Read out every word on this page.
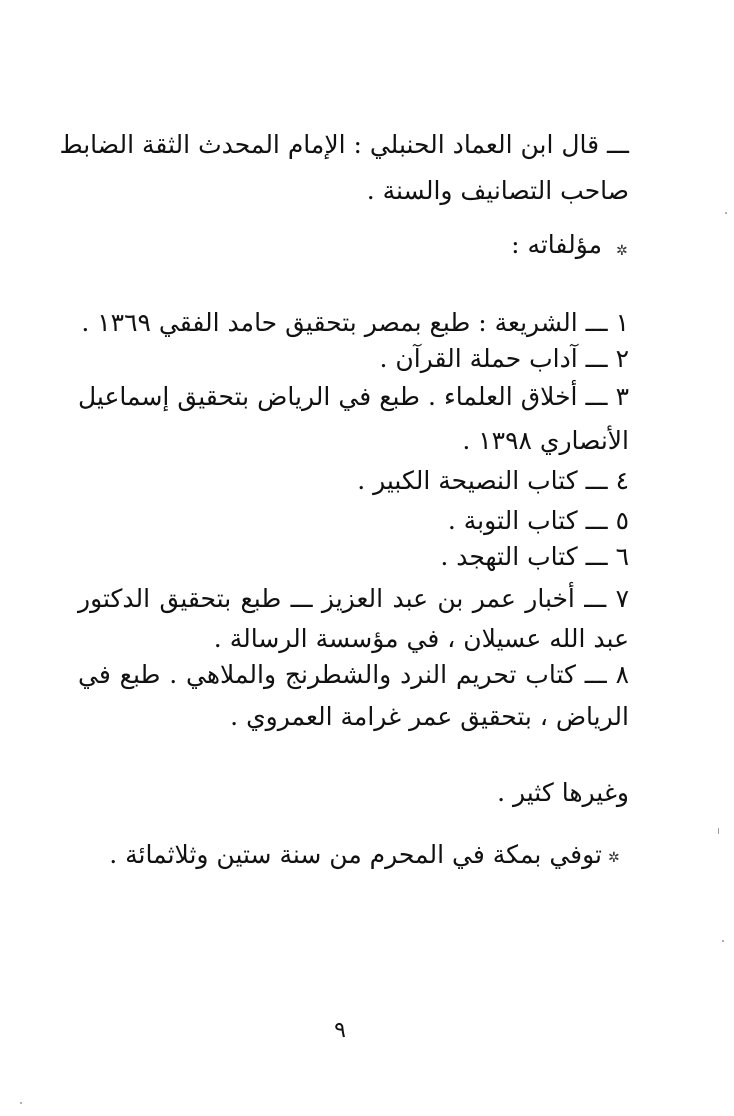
ـــ قال ابن العماد الحنبلي : الإمام المحدث الثقة الضابط
صاحب التصانيف والسنة .
✲
مؤلفاته :
١ ـــ الشريعة : طبع بمصر بتحقيق حامد الفقي ١٣٦٩ .
٢ ـــ آداب حملة القرآن .
٣ ـــ أخلاق العلماء . طبع في الرياض بتحقيق إسماعيل
الأنصاري ١٣٩٨ .
٤ ـــ كتاب النصيحة الكبير .
٥ ـــ كتاب التوبة .
٦ ـــ كتاب التهجد .
٧ ـــ أخبار عمر بن عبد العزيز ـــ طبع بتحقيق الدكتور
عبد الله عسيلان ، في مؤسسة الرسالة .
٨ ـــ كتاب تحريم النرد والشطرنج والملاهي . طبع في
الرياض ، بتحقيق عمر غرامة العمروي .
وغيرها كثير .
✲
توفي بمكة في المحرم من سنة ستين وثلاثمائة .
٩
